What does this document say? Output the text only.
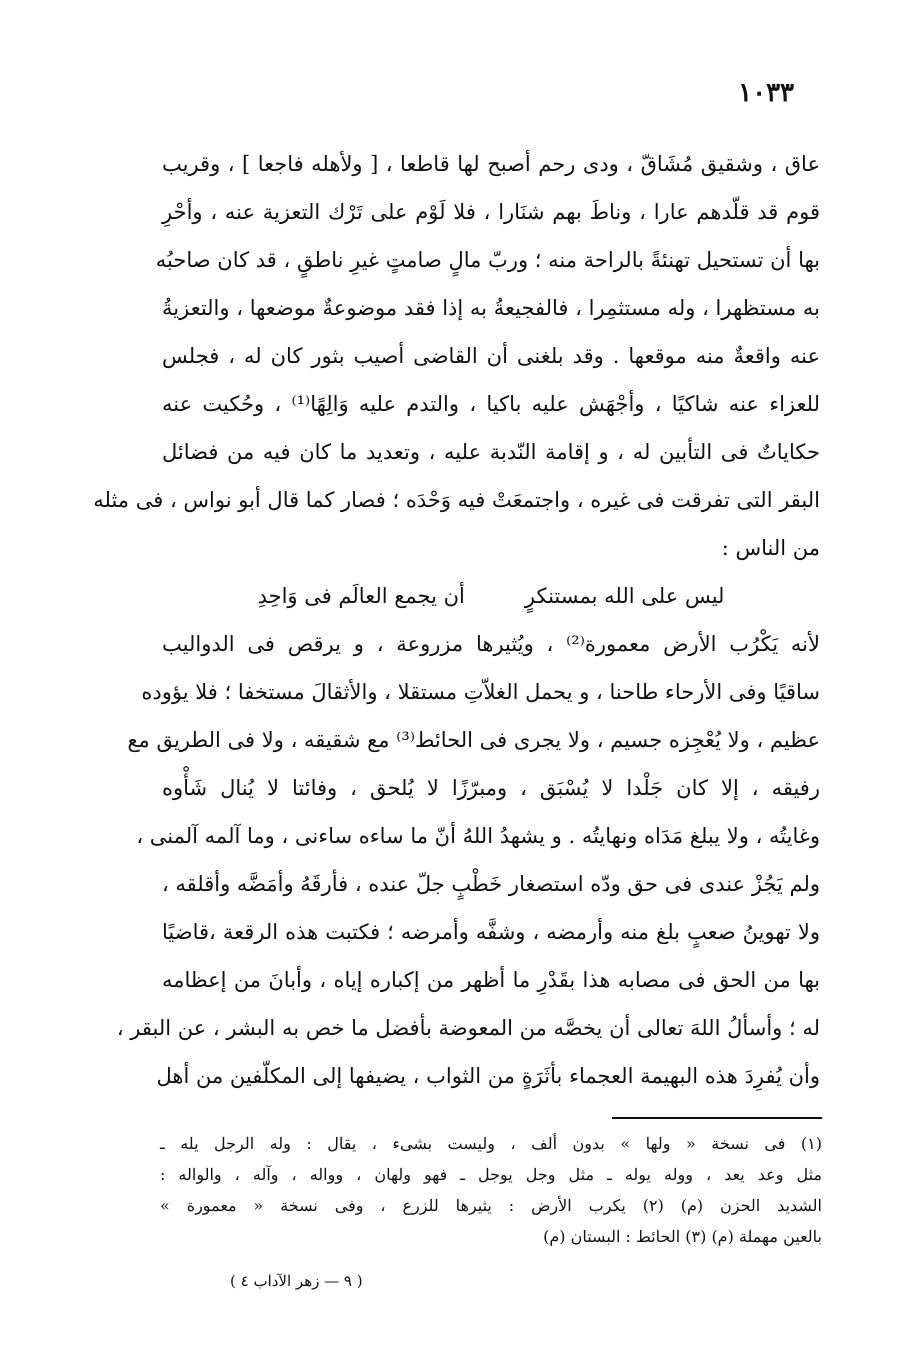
١٠٣٣
عاق ، وشقيق مُشَاقّ ، ودى رحم أصبح لها قاطعا ، [ ولأهله فاجعا ] ، وقريب
قوم قد قلّدهم عارا ، وناطَ بهم شنَارا ، فلا لَوْم على تَرْك التعزية عنه ، وأحْرِ
بها أن تستحيل تهنئةً بالراحة منه ؛ وربّ مالٍ صامتٍ غيرِ ناطقٍ ، قد كان صاحبُه
به مستظهرا ، وله مستثمِرا ، فالفجيعةُ به إذا فقد موضوعةٌ موضعها ، والتعزيةُ
عنه واقعةٌ منه موقعها . وقد بلغنى أن القاضى أصيب بثور كان له ، فجلس
للعزاء عنه شاكيًا ، وأجْهَش عليه باكيا ، والتدم عليه وَالِهًا⁽¹⁾ ، وحُكيت عنه
حكاياتٌ فى التأبين له ، و إقامة النّدبة عليه ، وتعديد ما كان فيه من فضائل
البقر التى تفرقت فى غيره ، واجتمعَتْ فيه وَحْدَه ؛ فصار كما قال أبو نواس ، فى مثله
من الناس :
ليس على الله بمستنكرٍ
أن يجمع العالَم فى وَاحِدِ
لأنه يَكْرُب الأرض معمورة⁽²⁾ ، ويُثيرها مزروعة ، و يرقص فى الدواليب
ساقيًا وفى الأرحاء طاحنا ، و يحمل الغلاّتِ مستقلا ، والأثقالَ مستخفا ؛ فلا يؤوده
عظيم ، ولا يُعْجِزه جسيم ، ولا يجرى فى الحائط⁽³⁾ مع شقيقه ، ولا فى الطريق مع
رفيقه ، إلا كان جَلْدا لا يُسْبَق ، ومبرّزًا لا يُلحق ، وفائتا لا يُنال شَأْوه
وغايتُه ، ولا يبلغ مَدَاه ونهايتُه . و يشهدُ اللهُ أنّ ما ساءه ساءنى ، وما آلمه آلمنى ،
ولم يَجُزْ عندى فى حق ودّه استصغار خَطْبٍ جلّ عنده ، فأرقَهُ وأمَضَّه وأقلقه ،
ولا تهوينُ صعبٍ بلغ منه وأرمضه ، وشفَّه وأمرضه ؛ فكتبت هذه الرقعة ،قاضيًا
بها من الحق فى مصابه هذا بقَدْرِ ما أظهر من إكباره إياه ، وأبانَ من إعظامه
له ؛ وأسألُ اللهَ تعالى أن يخصَّه من المعوضة بأفضل ما خص به البشر ، عن البقر ،
وأن يُفرِدَ هذه البهيمة العجماء بأثَرَةٍ من الثواب ، يضيفها إلى المكلّفين من أهل
(١) فى نسخة « ولها » بدون ألف ، وليست بشىء ، يقال : وله الرجل يله ـ
مثل وعد يعد ، ووله يوله ـ مثل وجل يوجل ـ فهو ولهان ، وواله ، وآله ، والواله :
الشديد الحزن (م) (٢) يكرب الأرض : يثيرها للزرع ، وفى نسخة « معمورة »
بالعين مهملة (م) (٣) الحائط : البستان (م)
( ٩ — زهر الآداب ٤ )
